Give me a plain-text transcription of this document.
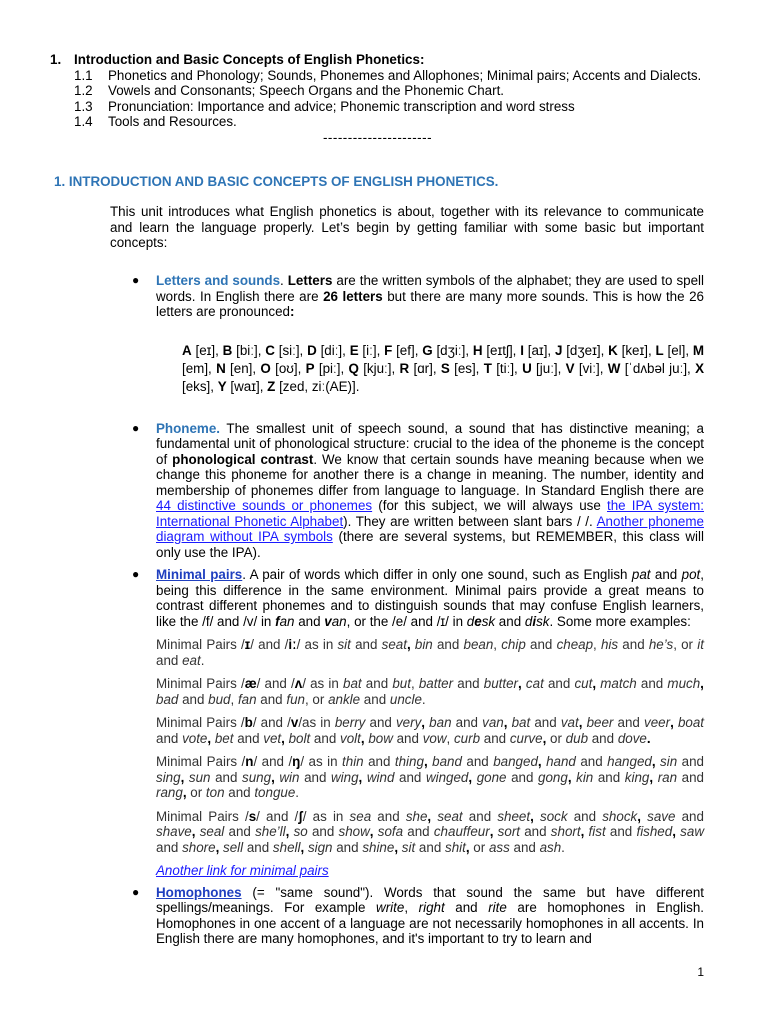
1. Introduction and Basic Concepts of English Phonetics:
1.1	Phonetics and Phonology; Sounds, Phonemes and Allophones; Minimal pairs; Accents and Dialects.
1.2	Vowels and Consonants; Speech Organs and the Phonemic Chart.
1.3	Pronunciation: Importance and advice; Phonemic transcription and word stress
1.4	Tools and Resources.
----------------------
1. INTRODUCTION AND BASIC CONCEPTS OF ENGLISH PHONETICS.
This unit introduces what English phonetics is about, together with its relevance to communicate and learn the language properly. Let’s begin by getting familiar with some basic but important concepts:
● Letters and sounds. Letters are the written symbols of the alphabet; they are used to spell words. In English there are 26 letters but there are many more sounds. This is how the 26 letters are pronounced:
A [eɪ], B [biː], C [siː], D [diː], E [iː], F [ef], G [dʒiː], H [eɪtʃ], I [aɪ], J [dʒeɪ], K [keɪ], L [el], M [em], N [en], O [oʊ], P [piː], Q [kjuː], R [ɑr], S [es], T [tiː], U [juː], V [viː], W [ˈdʌbəl juː], X [eks], Y [waɪ], Z [zed, ziː(AE)].
● Phoneme. The smallest unit of speech sound, a sound that has distinctive meaning; a fundamental unit of phonological structure: crucial to the idea of the phoneme is the concept of phonological contrast. We know that certain sounds have meaning because when we change this phoneme for another there is a change in meaning. The number, identity and membership of phonemes differ from language to language. In Standard English there are 44 distinctive sounds or phonemes (for this subject, we will always use the IPA system: International Phonetic Alphabet). They are written between slant bars / /. Another phoneme diagram without IPA symbols (there are several systems, but REMEMBER, this class will only use the IPA).
● Minimal pairs. A pair of words which differ in only one sound, such as English pat and pot, being this difference in the same environment. Minimal pairs provide a great means to contrast different phonemes and to distinguish sounds that may confuse English learners, like the /f/ and /v/ in fan and van, or the /e/ and /ɪ/ in desk and disk. Some more examples:
Minimal Pairs /ɪ/ and /iː/ as in sit and seat, bin and bean, chip and cheap, his and he’s, or it and eat.
Minimal Pairs /æ/ and /ʌ/ as in bat and but, batter and butter, cat and cut, match and much, bad and bud, fan and fun, or ankle and uncle.
Minimal Pairs /b/ and /v/as in berry and very, ban and van, bat and vat, beer and veer, boat and vote, bet and vet, bolt and volt, bow and vow, curb and curve, or dub and dove.
Minimal Pairs /n/ and /ŋ/ as in thin and thing, band and banged, hand and hanged, sin and sing, sun and sung, win and wing, wind and winged, gone and gong, kin and king, ran and rang, or ton and tongue.
Minimal Pairs /s/ and /ʃ/ as in sea and she, seat and sheet, sock and shock, save and shave, seal and she’ll, so and show, sofa and chauffeur, sort and short, fist and fished, saw and shore, sell and shell, sign and shine, sit and shit, or ass and ash.
Another link for minimal pairs
● Homophones (= "same sound"). Words that sound the same but have different spellings/meanings. For example write, right and rite are homophones in English. Homophones in one accent of a language are not necessarily homophones in all accents. In English there are many homophones, and it's important to try to learn and
1
